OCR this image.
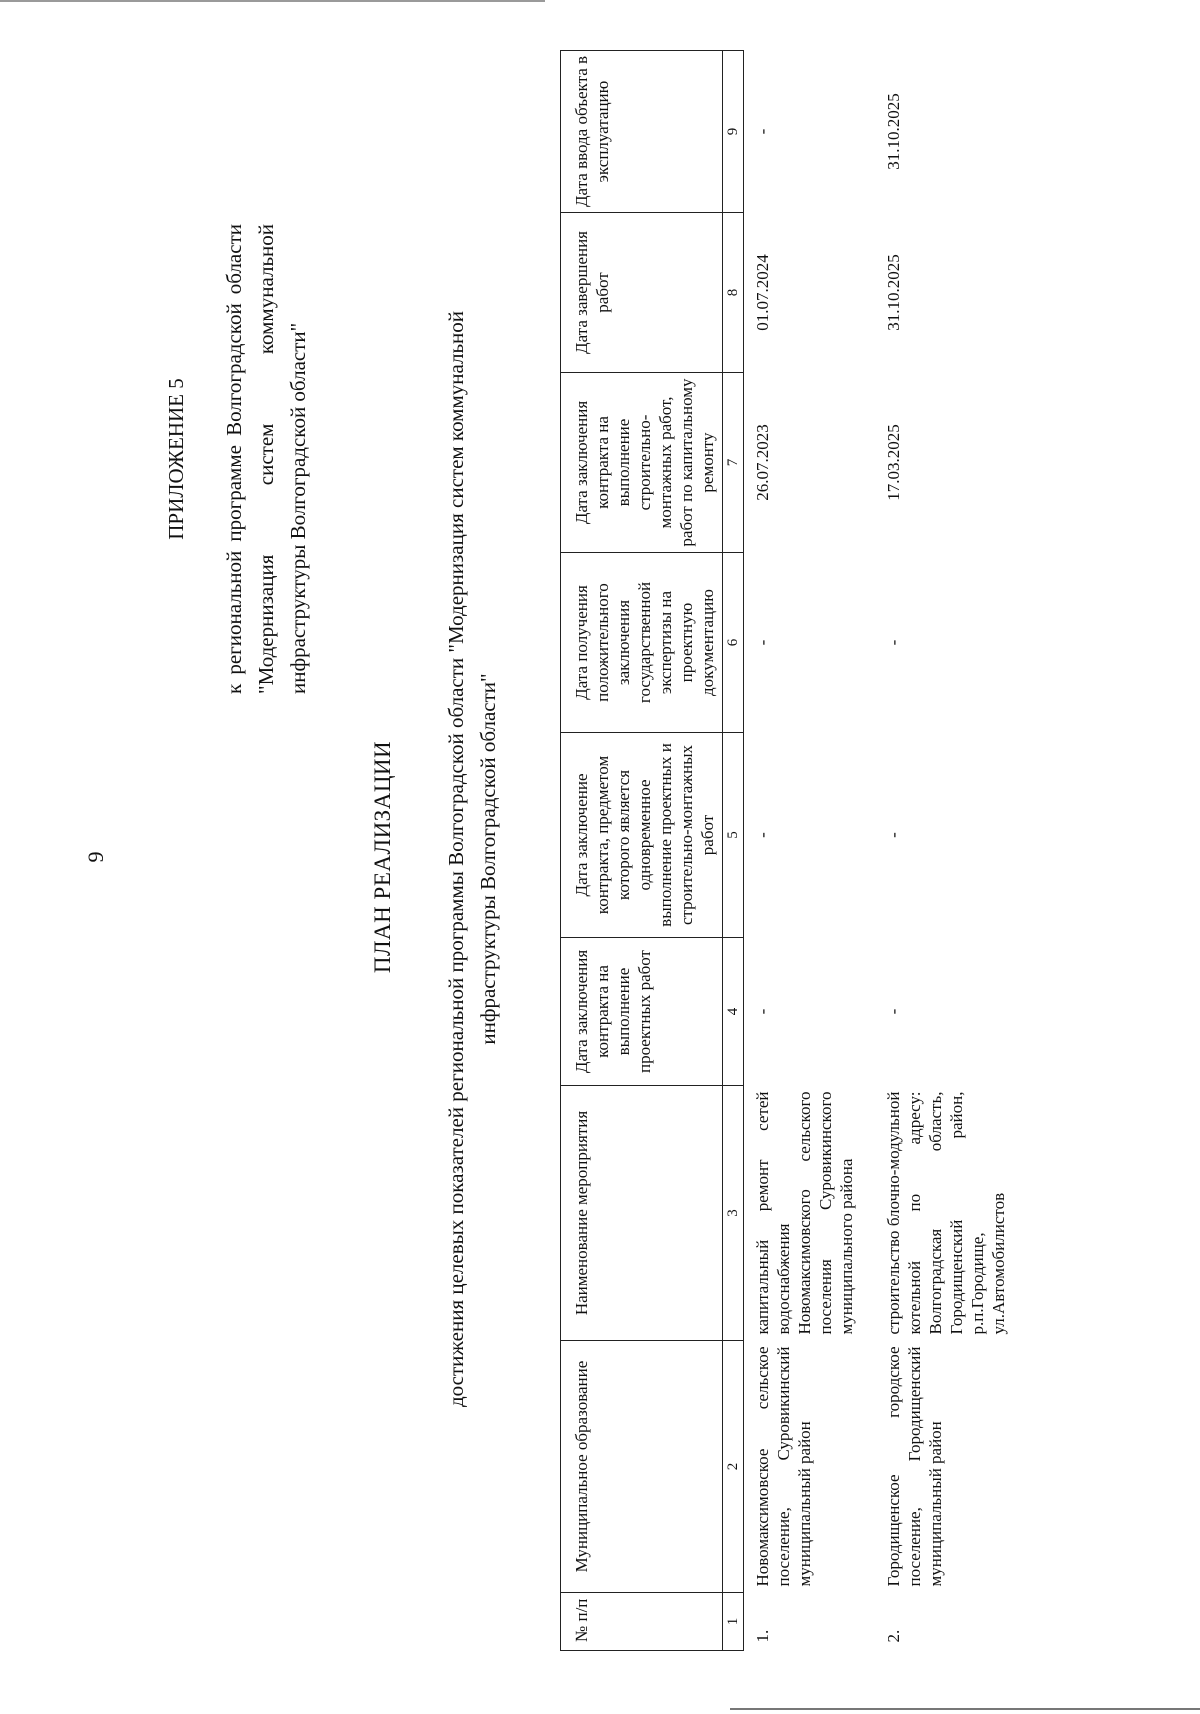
9
ПРИЛОЖЕНИЕ 5 к региональной программе Волгоградской области "Модернизация систем коммунальной инфраструктуры Волгоградской области"
ПЛАН РЕАЛИЗАЦИИ достижения целевых показателей региональной программы Волгоградской области "Модернизация систем коммунальной инфраструктуры Волгоградской области"
№ п/п	Муниципальное образование	Наименование мероприятия	Дата заключения контракта на выполнение проектных работ	Дата заключение контракта, предметом которого является одновременное выполнение проектных и строительно-монтажных работ	Дата получения положительного заключения государственной экспертизы на проектную документацию	Дата заключения контракта на выполнение строительно-монтажных работ, работ по капитальному ремонту	Дата завершения работ	Дата ввода объекта в эксплуатацию
1	2	3	4	5	6	7	8	9
1.	Новомаксимовское сельское поселение, Суровикинский муниципальный район	капитальный ремонт сетей водоснабжения Новомаксимовского сельского поселения Суровикинского муниципального района	-	-	-	26.07.2023	01.07.2024	-
2.	Городищенское городское поселение, Городищенский муниципальный район	строительство блочно-модульной котельной по адресу: Волгоградская область, Городищенский район, р.п.Городище, ул.Автомобилистов	-	-	-	17.03.2025	31.10.2025	31.10.2025
